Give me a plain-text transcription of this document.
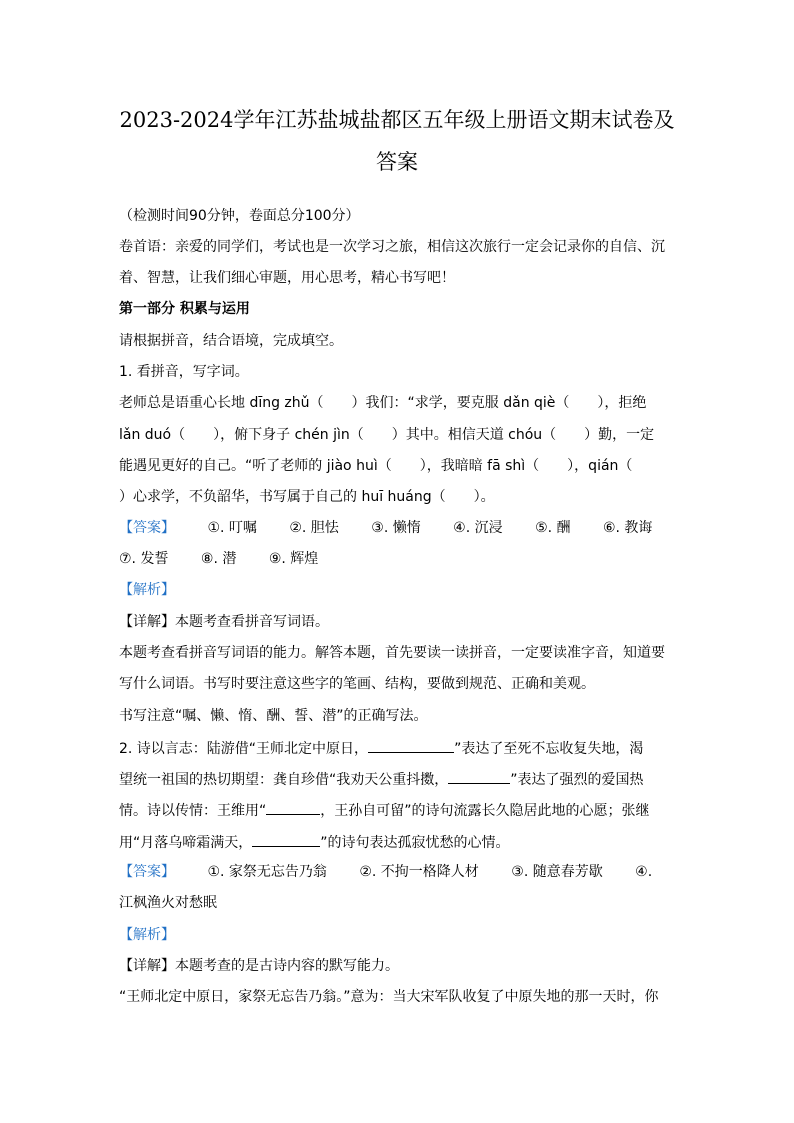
2023-2024学年江苏盐城盐都区五年级上册语文期末试卷及
答案
（检测时间90分钟，卷面总分100分）
卷首语：亲爱的同学们，考试也是一次学习之旅，相信这次旅行一定会记录你的自信、沉
着、智慧，让我们细心审题，用心思考，精心书写吧！
第一部分 积累与运用
请根据拼音，结合语境，完成填空。
1. 看拼音，写字词。
老师总是语重心长地 dīng zhǔ（　　）我们：“求学，要克服 dǎn qiè（　　），拒绝
lǎn duó（　　），俯下身子 chén jìn（　　）其中。相信天道 chóu（　　）勤，一定
能遇见更好的自己。“听了老师的 jiào huì（　　），我暗暗 fā shì（　　），qián（
）心求学，不负韶华，书写属于自己的 huī huáng（　　）。
【答案】 ①. 叮嘱 ②. 胆怯 ③. 懒惰 ④. 沉浸 ⑤. 酬 ⑥. 教诲
⑦. 发誓 ⑧. 潜 ⑨. 辉煌
【解析】
【详解】本题考查看拼音写词语。
本题考查看拼音写词语的能力。解答本题，首先要读一读拼音，一定要读准字音，知道要
写什么词语。书写时要注意这些字的笔画、结构，要做到规范、正确和美观。
书写注意“嘱、懒、惰、酬、誓、潜”的正确写法。
2. 诗以言志：陆游借“王师北定中原日，	”表达了至死不忘收复失地，渴
望统一祖国的热切期望：龚自珍借“我劝天公重抖擞，	”表达了强烈的爱国热
情。诗以传情：王维用“	，王孙自可留”的诗句流露长久隐居此地的心愿；张继
用“月落乌啼霜满天，	”的诗句表达孤寂忧愁的心情。
【答案】 ①. 家祭无忘告乃翁 ②. 不拘一格降人材 ③. 随意春芳歇 ④.
江枫渔火对愁眠
【解析】
【详解】本题考查的是古诗内容的默写能力。
“王师北定中原日，家祭无忘告乃翁。”意为：当大宋军队收复了中原失地的那一天时，你
